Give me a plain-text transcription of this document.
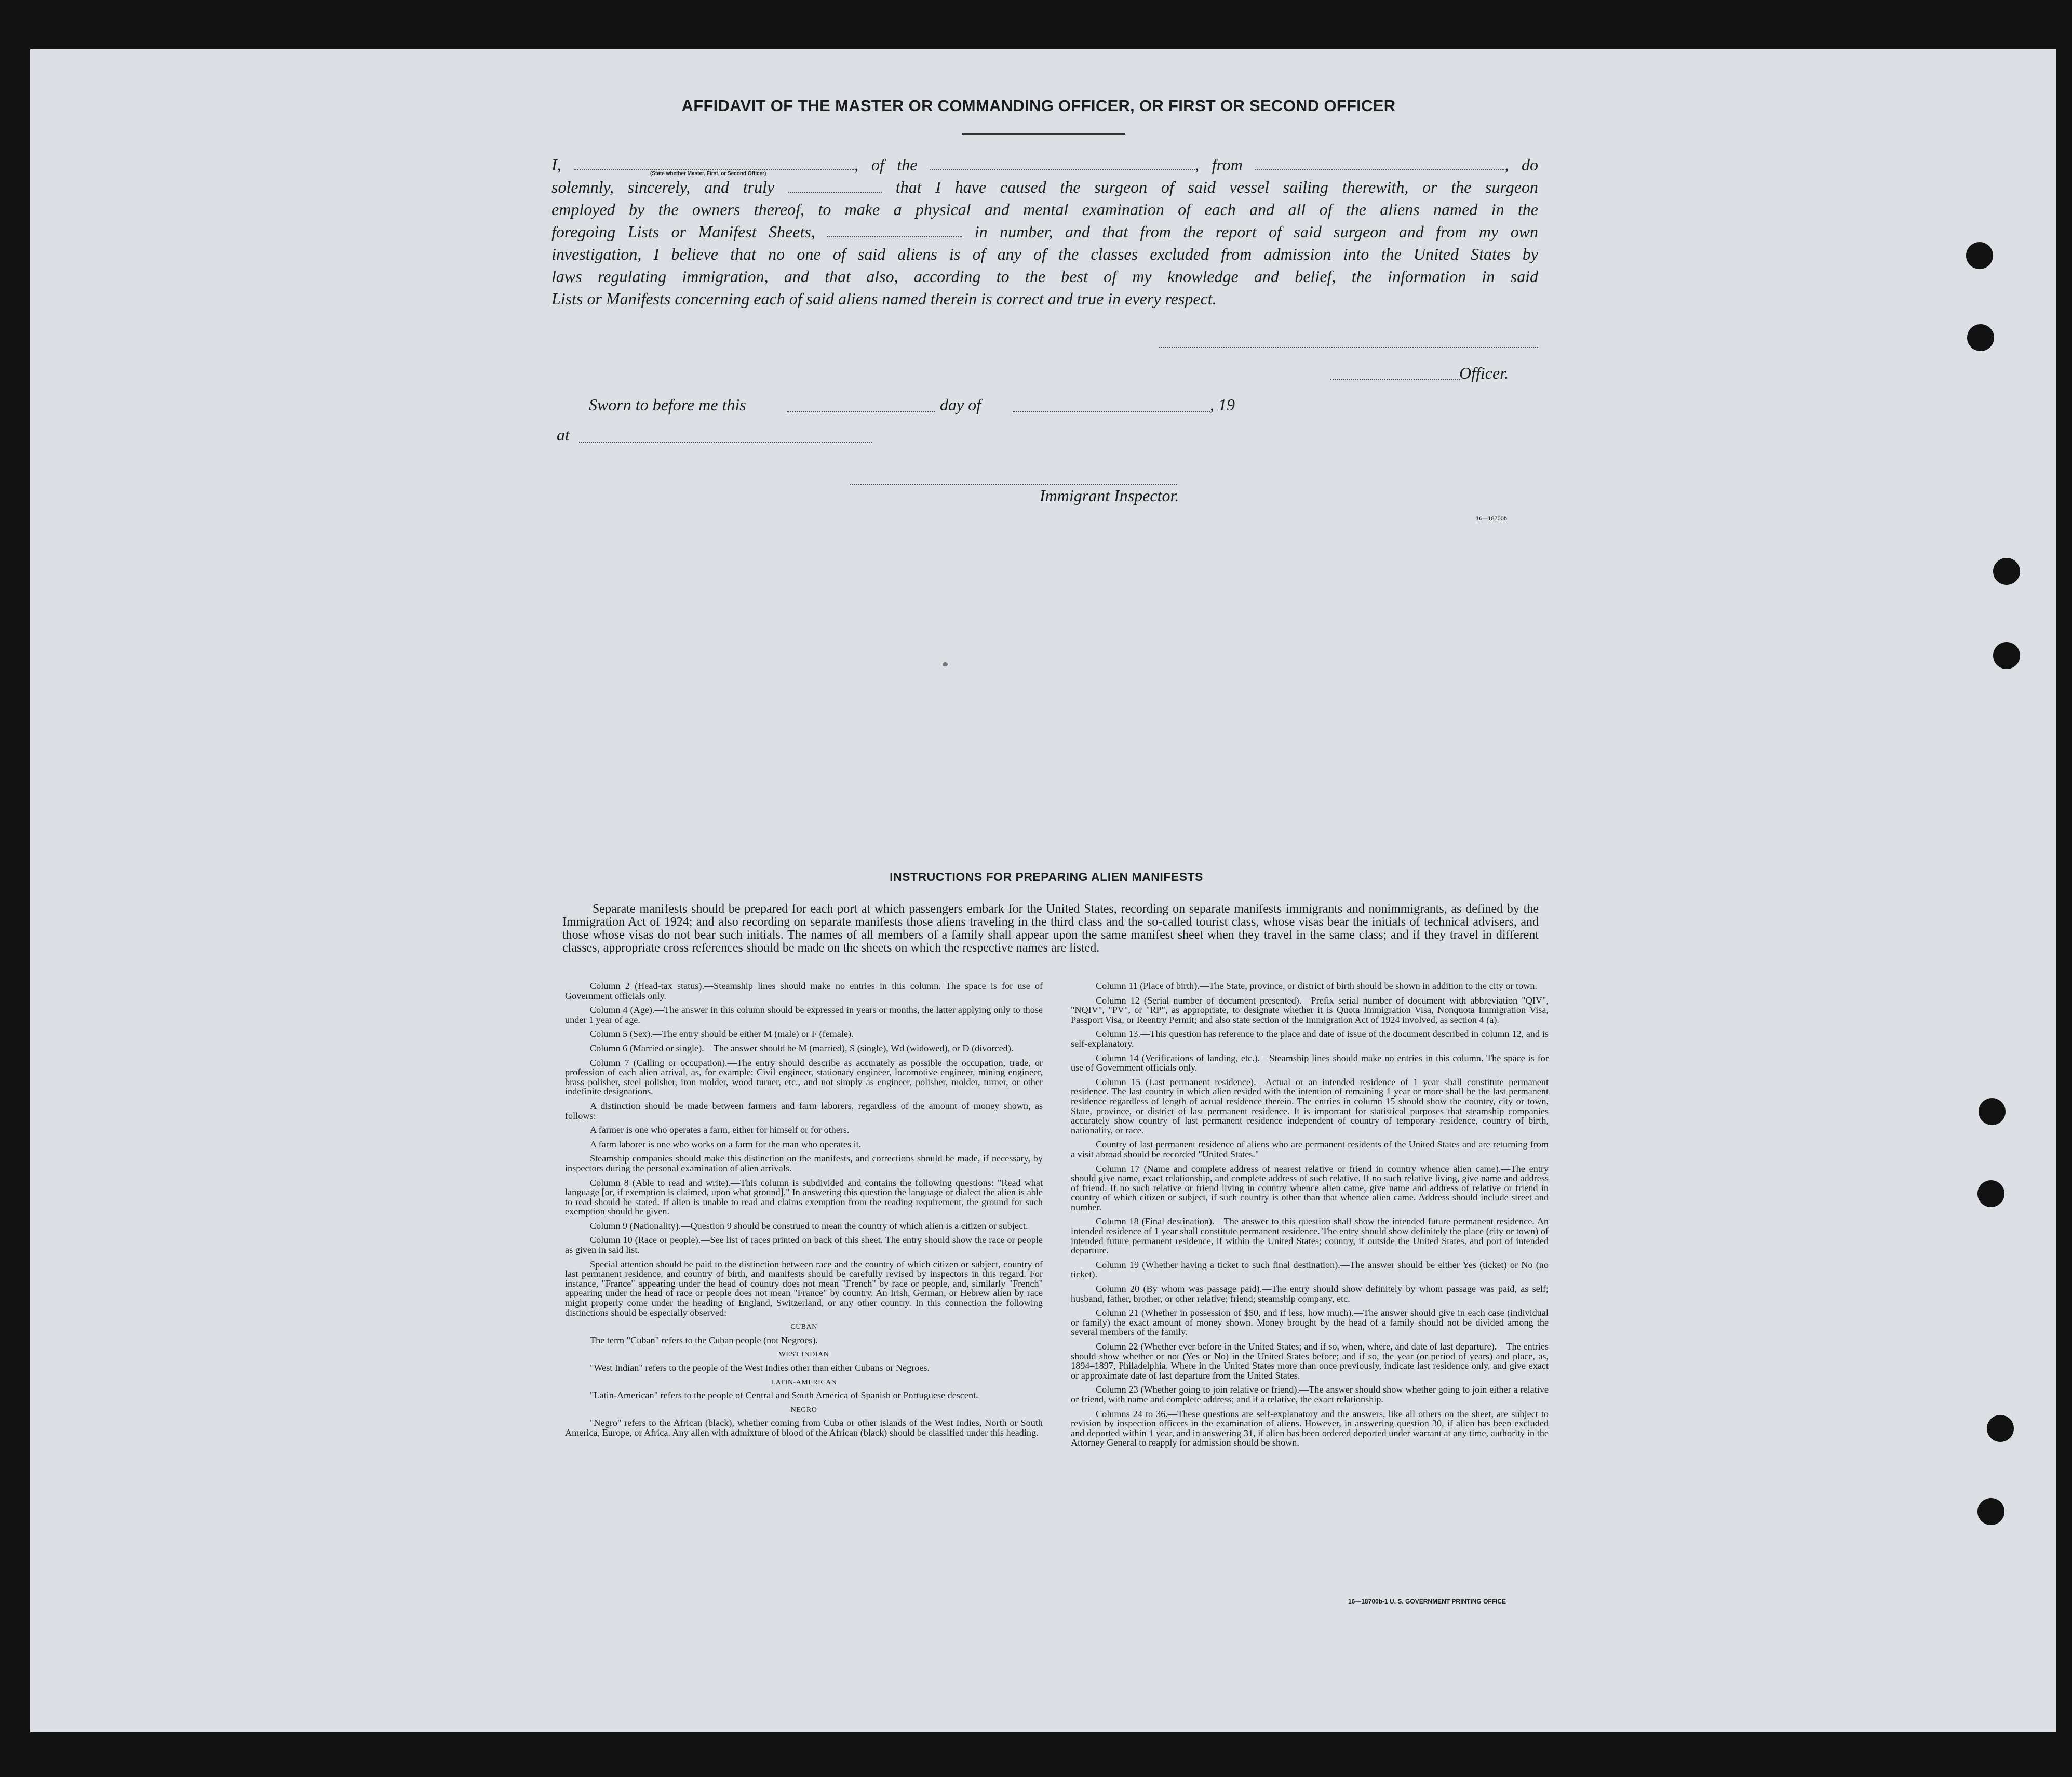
AFFIDAVIT OF THE MASTER OR COMMANDING OFFICER, OR FIRST OR SECOND OFFICER
I,	, of the	, from	, do
solemnly, sincerely, and truly	that I have caused the surgeon of said vessel sailing therewith, or the surgeon
employed by the owners thereof, to make a physical and mental examination of each and all of the aliens named in the
foregoing Lists or Manifest Sheets,	in number, and that from the report of said surgeon and from my own
investigation, I believe that no one of said aliens is of any of the classes excluded from admission into the United States by
laws regulating immigration, and that also, according to the best of my knowledge and belief, the information in said
Lists or Manifests concerning each of said aliens named therein is correct and true in every respect.
(State whether Master, First, or Second Officer)
Officer.
Sworn to before me this	day of	, 19
at
Immigrant Inspector.
16—18700b
INSTRUCTIONS FOR PREPARING ALIEN MANIFESTS
Separate manifests should be prepared for each port at which passengers embark for the United States, recording on separate manifests immigrants and nonimmigrants, as defined by the Immigration Act of 1924; and also recording on separate manifests those aliens traveling in the third class and the so-called tourist class, whose visas bear the initials of technical advisers, and those whose visas do not bear such initials. The names of all members of a family shall appear upon the same manifest sheet when they travel in the same class; and if they travel in different classes, appropriate cross references should be made on the sheets on which the respective names are listed.

Column 2 (Head-tax status).—Steamship lines should make no entries in this column. The space is for use of Government officials only.

Column 4 (Age).—The answer in this column should be expressed in years or months, the latter applying only to those under 1 year of age.

Column 5 (Sex).—The entry should be either M (male) or F (female).

Column 6 (Married or single).—The answer should be M (married), S (single), Wd (widowed), or D (divorced).

Column 7 (Calling or occupation).—The entry should describe as accurately as possible the occupation, trade, or profession of each alien arrival, as, for example: Civil engineer, stationary engineer, locomotive engineer, mining engineer, brass polisher, steel polisher, iron molder, wood turner, etc., and not simply as engineer, polisher, molder, turner, or other indefinite designations.

A distinction should be made between farmers and farm laborers, regardless of the amount of money shown, as follows:

A farmer is one who operates a farm, either for himself or for others.

A farm laborer is one who works on a farm for the man who operates it.

Steamship companies should make this distinction on the manifests, and corrections should be made, if necessary, by inspectors during the personal examination of alien arrivals.

Column 8 (Able to read and write).—This column is subdivided and contains the following questions: "Read what language [or, if exemption is claimed, upon what ground]." In answering this question the language or dialect the alien is able to read should be stated. If alien is unable to read and claims exemption from the reading requirement, the ground for such exemption should be given.

Column 9 (Nationality).—Question 9 should be construed to mean the country of which alien is a citizen or subject.

Column 10 (Race or people).—See list of races printed on back of this sheet. The entry should show the race or people as given in said list.

Special attention should be paid to the distinction between race and the country of which citizen or subject, country of last permanent residence, and country of birth, and manifests should be carefully revised by inspectors in this regard. For instance, "France" appearing under the head of country does not mean "French" by race or people, and, similarly "French" appearing under the head of race or people does not mean "France" by country. An Irish, German, or Hebrew alien by race might properly come under the heading of England, Switzerland, or any other country. In this connection the following distinctions should be especially observed:

CUBAN

The term "Cuban" refers to the Cuban people (not Negroes).

WEST INDIAN

"West Indian" refers to the people of the West Indies other than either Cubans or Negroes.

LATIN-AMERICAN

"Latin-American" refers to the people of Central and South America of Spanish or Portuguese descent.

NEGRO

"Negro" refers to the African (black), whether coming from Cuba or other islands of the West Indies, North or South America, Europe, or Africa. Any alien with admixture of blood of the African (black) should be classified under this heading.

Column 11 (Place of birth).—The State, province, or district of birth should be shown in addition to the city or town.

Column 12 (Serial number of document presented).—Prefix serial number of document with abbreviation "QIV", "NQIV", "PV", or "RP", as appropriate, to designate whether it is Quota Immigration Visa, Nonquota Immigration Visa, Passport Visa, or Reentry Permit; and also state section of the Immigration Act of 1924 involved, as section 4 (a).

Column 13.—This question has reference to the place and date of issue of the document described in column 12, and is self-explanatory.

Column 14 (Verifications of landing, etc.).—Steamship lines should make no entries in this column. The space is for use of Government officials only.

Column 15 (Last permanent residence).—Actual or an intended residence of 1 year shall constitute permanent residence. The last country in which alien resided with the intention of remaining 1 year or more shall be the last permanent residence regardless of length of actual residence therein. The entries in column 15 should show the country, city or town, State, province, or district of last permanent residence. It is important for statistical purposes that steamship companies accurately show country of last permanent residence independent of country of temporary residence, country of birth, nationality, or race.

Country of last permanent residence of aliens who are permanent residents of the United States and are returning from a visit abroad should be recorded "United States."

Column 17 (Name and complete address of nearest relative or friend in country whence alien came).—The entry should give name, exact relationship, and complete address of such relative. If no such relative living, give name and address of friend. If no such relative or friend living in country whence alien came, give name and address of relative or friend in country of which citizen or subject, if such country is other than that whence alien came. Address should include street and number.

Column 18 (Final destination).—The answer to this question shall show the intended future permanent residence. An intended residence of 1 year shall constitute permanent residence. The entry should show definitely the place (city or town) of intended future permanent residence, if within the United States; country, if outside the United States, and port of intended departure.

Column 19 (Whether having a ticket to such final destination).—The answer should be either Yes (ticket) or No (no ticket).

Column 20 (By whom was passage paid).—The entry should show definitely by whom passage was paid, as self; husband, father, brother, or other relative; friend; steamship company, etc.

Column 21 (Whether in possession of $50, and if less, how much).—The answer should give in each case (individual or family) the exact amount of money shown. Money brought by the head of a family should not be divided among the several members of the family.

Column 22 (Whether ever before in the United States; and if so, when, where, and date of last departure).—The entries should show whether or not (Yes or No) in the United States before; and if so, the year (or period of years) and place, as, 1894–1897, Philadelphia. Where in the United States more than once previously, indicate last residence only, and give exact or approximate date of last departure from the United States.

Column 23 (Whether going to join relative or friend).—The answer should show whether going to join either a relative or friend, with name and complete address; and if a relative, the exact relationship.

Columns 24 to 36.—These questions are self-explanatory and the answers, like all others on the sheet, are subject to revision by inspection officers in the examination of aliens. However, in answering question 30, if alien has been excluded and deported within 1 year, and in answering 31, if alien has been ordered deported under warrant at any time, authority in the Attorney General to reapply for admission should be shown.

16—18700b-1 U. S. GOVERNMENT PRINTING OFFICE
